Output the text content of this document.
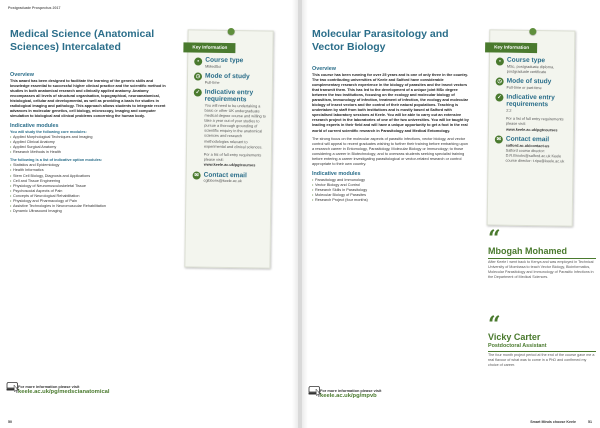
Postgraduate Prospectus 2017
Medical Science (Anatomical Sciences) Intercalated
Overview

This award has been designed to facilitate the learning of the generic skills and knowledge essential to successful higher clinical practice and the scientific method in studies in both anatomical research and clinically applied anatomy. Anatomy encompasses all levels of structural organisation, topographical, neuroanatomical, histological, cellular and developmental, as well as providing a basis for studies in radiological imaging and pathology. This approach allows students to integrate recent advances in molecular genetics, cell biology, microscopy, imaging and computer simulation to biological and clinical problems concerning the human body.

Indicative modules

You will study the following core modules:

• Applied Morphological Techniques and Imaging
• Applied Clinical Anatomy
• Applied Surgical Anatomy
• Research Methods in Health

The following is a list of indicative option modules:

• Statistics and Epidemiology
• Health Informatics
• Stem Cell Biology, Diagnosis and Applications
• Cell and Tissue Engineering
• Physiology of Neuromusculoskeletal Tissue
• Psychosocial Aspects of Pain
• Concepts of Neurological Rehabilitation
• Physiology and Pharmacology of Pain
• Assistive Technologies in Neuromuscular Rehabilitation
• Dynamic Ultrasound Imaging
Key Information
▪ Course type
MMedSci
◷ Mode of study
Full-time
✓ Indicative entry requirements
You will need to be undertaking a basic or other UK undergraduate medical degree course and willing to take a year out of your studies to pursue a thorough grounding of scientific enquiry in the anatomical sciences and research methodologies relevant to experimental and clinical sciences.
For a list of full entry requirements please visit:
www.keele.ac.uk/pgtcourses
✉ Contact email
cgibbons@keele.ac.uk
For more information please visit
keele.ac.uk/pg/medscianatomical
50
Molecular Parasitology and Vector Biology
Overview

This course has been running for over 25 years and is one of only three in the country. The two contributing universities of Keele and Salford have considerable complementary research experience in the biology of parasites and the insect vectors that transmit them. This has led to the development of a unique joint MSc degree between the two institutions, focusing on the ecology and molecular biology of parasitism, immunology of infection, treatment of infection, the ecology and molecular biology of insect vectors and the control of their natural populations. Teaching is undertaken by staff from both institutions and is mostly based at Salford with specialised laboratory sessions at Keele. You will be able to carry out an extensive research project in the laboratories of one of the two universities. You will be taught by leading experts in their field and will have a unique opportunity to get a foot in the real world of current scientific research in Parasitology and Medical Entomology.

The strong focus on the molecular aspects of parasitic infections, vector biology, and vector control will appeal to recent graduates wishing to further their training before embarking upon a research career in Entomology, Parasitology, Molecular Biology or Immunology; to those considering a career in Biotechnology; and to overseas students seeking specialist training before entering a career investigating parasitological or vector-related research or control appropriate to their own country.

Indicative modules
• Parasitology and Immunology
• Vector Biology and Control
• Research Skills in Parasitology
• Molecular Biology of Parasites
• Research Project (four months)
Key Information
▪ Course type
MSc, postgraduate diploma, postgraduate certificate
◷ Mode of study
Full-time or part-time
✓ Indicative entry requirements
2:2
For a list of full entry requirements please visit:
www.keele.ac.uk/pgtcourses
✉ Contact email
salford.ac.uk/contact-us
Salford course director: D.R.Brooks@salford.ac.uk Keele course director: t.ripe@keele.ac.uk
“
Mbogah Mohamed
After Keele I went back to Kenya and was employed in Technical University of Mombasa to teach Vector Biology, Bioinformatics, Molecular Parasitology and Immunology of Parasitic Infections in the Department of Medical Sciences.
“
Vicky Carter
Postdoctoral Assistant
The four month project period at the end of the course gave me a real flavour of what was to come in a PhD and confirmed my choice of career.
For more information please visit
keele.ac.uk/pg/mpvb
Smart Minds choose Keele	51
